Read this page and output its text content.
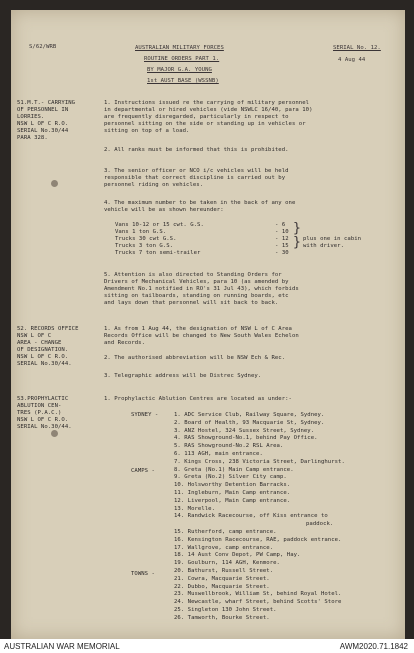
S/62/WRB	AUSTRALIAN MILITARY FORCES
ROUTINE ORDERS PART 1.
BY MAJOR G.A. YOUNG
1st AUST BASE (WSSNB)
SERIAL No. 12.
4 Aug 44
51.M.T.- CARRYING
OF PERSONNEL IN
LORRIES.
NSW L OF C R.O.
SERIAL No.30/44
PARA 328.
1. Instructions issued re the carrying of military personnel
in departmental or hired vehicles (vide NSWLC 16/40, para 10)
are frequently disregarded, particularly in respect to
personnel sitting on the side or standing up in vehicles or
sitting on top of a load.
2. All ranks must be informed that this is prohibited.
3. The senior officer or NCO i/c vehicles will be held
responsible that correct discipline is carried out by
personnel riding on vehicles.
4. The maximum number to be taken in the back of any one
vehicle will be as shown hereunder:
Vans 10-12 or 15 cwt. G.S.	- 6
Vans 1 ton G.S.	- 10
Trucks 30 cwt G.S.	- 12
Trucks 3 ton G.S.	- 15
Trucks 7 ton semi-trailer	- 30
}
} plus one in cabin
with driver.
5. Attention is also directed to Standing Orders for
Drivers of Mechanical Vehicles, para 10 (as amended by
Amendment No.1 notified in RO's 31 Jul 43), which forbids
sitting on tailboards, standing on running boards, etc
and lays down that personnel will sit back to back.
52. RECORDS OFFICE
NSW L OF C
AREA - CHANGE
OF DESIGNATION.
NSW L OF C R.O.
SERIAL No.30/44.
1. As from 1 Aug 44, the designation of NSW L of C Area
Records Office will be changed to New South Wales Echelon
and Records.
2. The authorised abbreviation will be NSW Ech & Rec.
3. Telegraphic address will be Distrec Sydney.
53.PROPHYLACTIC
ABLUTION CEN-
TRES (P.A.C.)
NSW L OF C R.O.
SERIAL No.30/44.
1. Prophylactic Ablution Centres are located as under:-
SYDNEY -
CAMPS -
TOWNS -
1. ADC Service Club, Railway Square, Sydney.
2. Board of Health, 93 Macquarie St, Sydney.
3. ANZ Hostel, 324 Sussex Street, Sydney.
4. RAS Showground-No.1, behind Pay Office.
5. RAS Showground-No.2 RSL Area.
6. 113 AGH, main entrance.
7. Kings Cross, 238 Victoria Street, Darlinghurst.
8. Greta (No.1) Main Camp entrance.
9. Greta (No.2) Silver City camp.
10. Holsworthy Detention Barracks.
11. Ingleburn, Main Camp entrance.
12. Liverpool, Main Camp entrance.
13. Morelle.
14. Randwick Racecourse, off Kiss entrance to
paddock.
15. Rutherford, camp entrance.
16. Kensington Racecourse, RAE, paddock entrance.
17. Wallgrove, camp entrance.
18. 14 Aust Conv Depot, PW Camp, Hay.
19. Goulburn, 114 AGH, Kenmore.
20. Bathurst, Russell Street.
21. Cowra, Macquarie Street.
22. Dubbo, Macquarie Street.
23. Muswellbrook, William St, behind Royal Hotel.
24. Newcastle, wharf Street, behind Scotts' Store
25. Singleton 130 John Street.
26. Tamworth, Bourke Street.
AUSTRALIAN WAR MEMORIAL	AWM2020.71.1842
